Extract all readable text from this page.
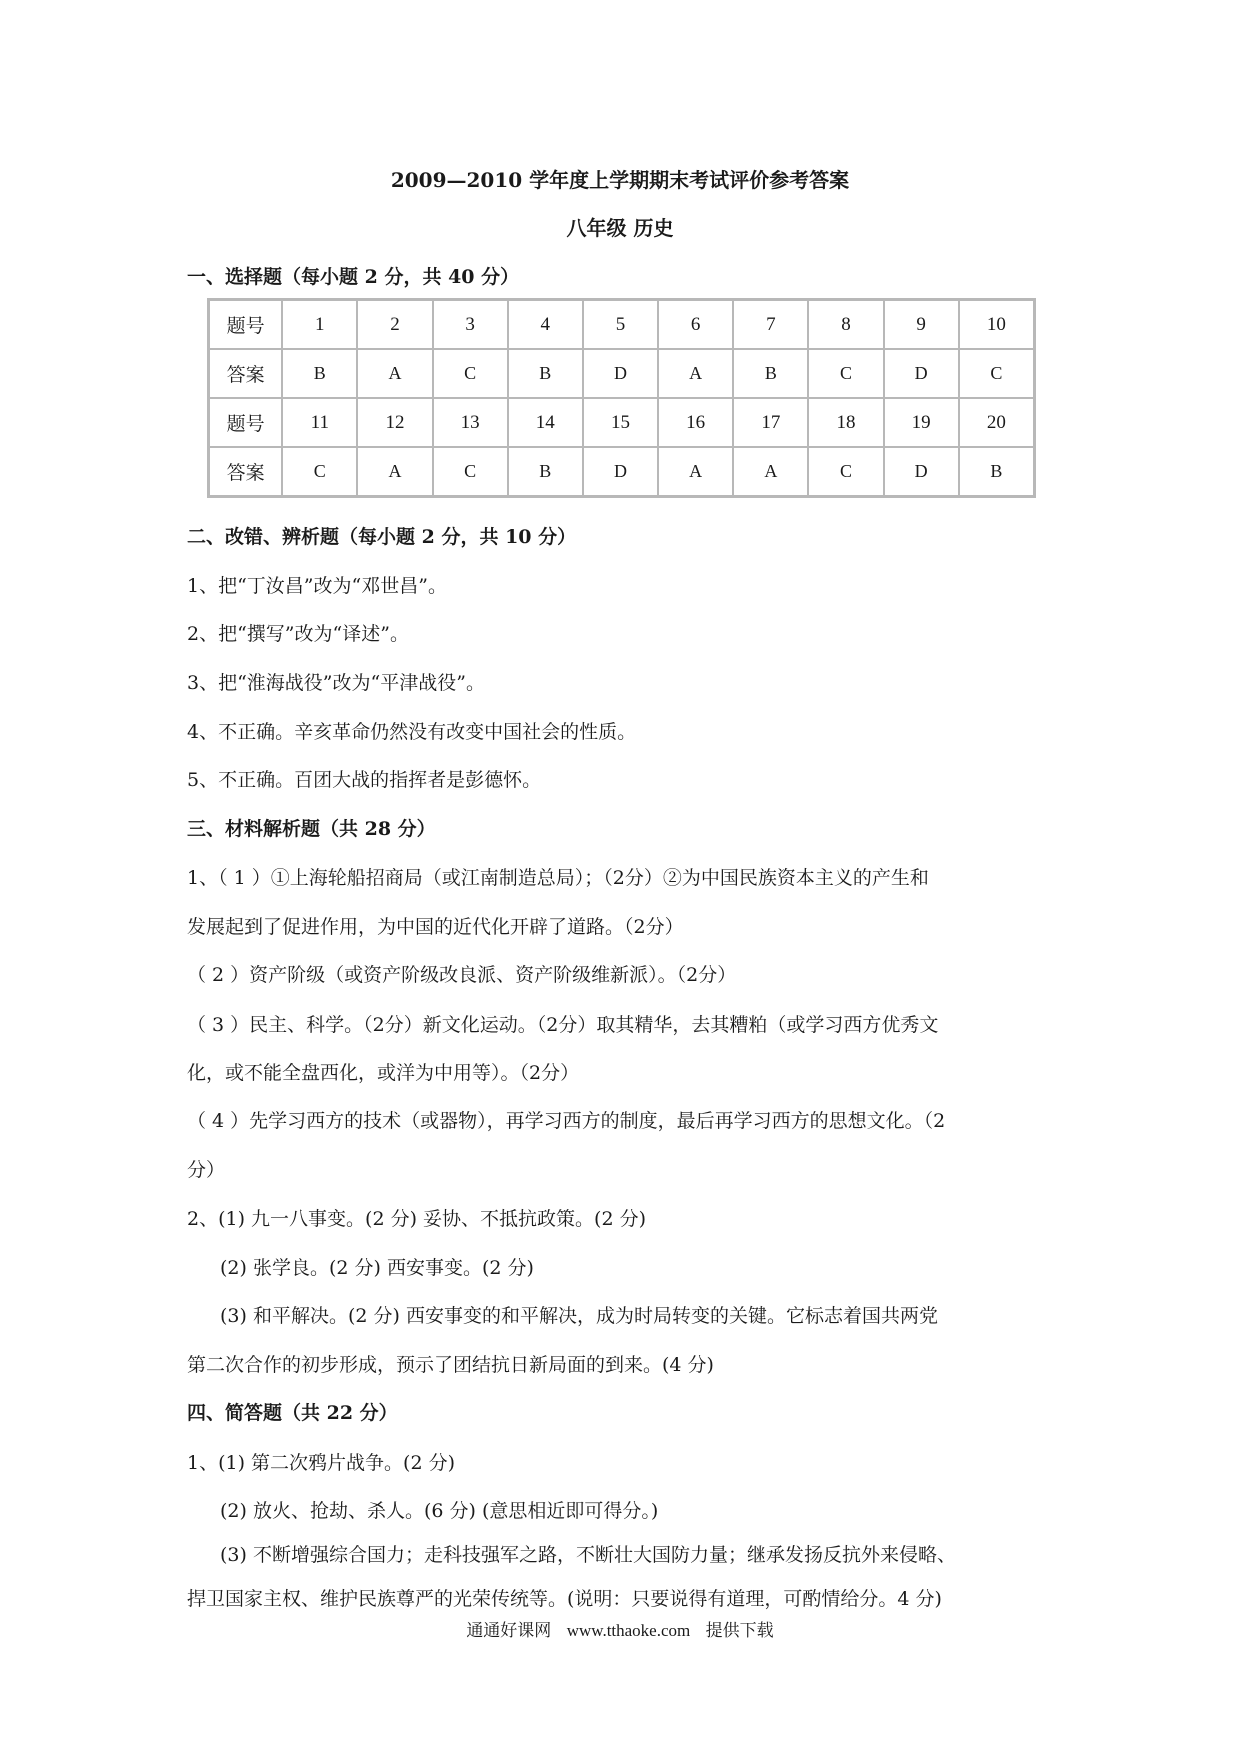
2009—2010 学年度上学期期末考试评价参考答案
八年级 历史
一、选择题（每小题 2 分，共 40 分）
题号	1	2	3	4	5	6	7	8	9	10
答案	B	A	C	B	D	A	B	C	D	C
题号	11	12	13	14	15	16	17	18	19	20
答案	C	A	C	B	D	A	A	C	D	B
二、改错、辨析题（每小题 2 分，共 10 分）
1、把“丁汝昌”改为“邓世昌”。
2、把“撰写”改为“译述”。
3、把“淮海战役”改为“平津战役”。
4、不正确。辛亥革命仍然没有改变中国社会的性质。
5、不正确。百团大战的指挥者是彭德怀。
三、材料解析题（共 28 分）
1、（ 1 ）①上海轮船招商局（或江南制造总局）；（2分）②为中国民族资本主义的产生和
发展起到了促进作用，为中国的近代化开辟了道路。（2分）
（ 2 ）资产阶级（或资产阶级改良派、资产阶级维新派）。（2分）
（ 3 ）民主、科学。（2分）新文化运动。（2分）取其精华，去其糟粕（或学习西方优秀文
化，或不能全盘西化，或洋为中用等）。（2分）
（ 4 ）先学习西方的技术（或器物），再学习西方的制度，最后再学习西方的思想文化。（2
分）
2、(1) 九一八事变。(2 分) 妥协、不抵抗政策。(2 分)
(2) 张学良。(2 分) 西安事变。(2 分)
(3) 和平解决。(2 分) 西安事变的和平解决，成为时局转变的关键。它标志着国共两党
第二次合作的初步形成，预示了团结抗日新局面的到来。(4 分)
四、简答题（共 22 分）
1、(1) 第二次鸦片战争。(2 分)
(2) 放火、抢劫、杀人。(6 分) (意思相近即可得分。)
(3) 不断增强综合国力；走科技强军之路，不断壮大国防力量；继承发扬反抗外来侵略、
捍卫国家主权、维护民族尊严的光荣传统等。(说明：只要说得有道理，可酌情给分。4 分)
通通好课网 www.tthaoke.com 提供下载
